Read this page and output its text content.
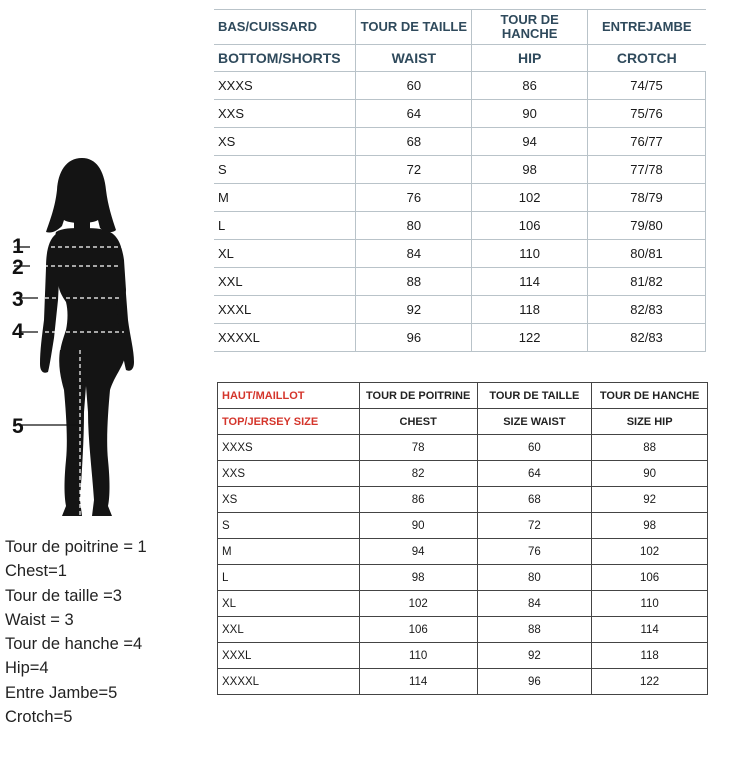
BAS/CUISSARD	TOUR DE TAILLE	TOUR DE HANCHE	ENTREJAMBE
BOTTOM/SHORTS	WAIST	HIP	CROTCH
XXXS	60	86	74/75
XXS	64	90	75/76
XS	68	94	76/77
S	72	98	77/78
M	76	102	78/79
L	80	106	79/80
XL	84	110	80/81
XXL	88	114	81/82
XXXL	92	118	82/83
XXXXL	96	122	82/83
1
2
3
4
5
Tour de poitrine = 1
Chest=1
Tour de taille =3
Waist = 3
Tour de hanche =4
Hip=4
Entre Jambe=5
Crotch=5
HAUT/MAILLOT	TOUR DE POITRINE	TOUR DE TAILLE	TOUR DE HANCHE
TOP/JERSEY SIZE	CHEST	SIZE WAIST	SIZE HIP
XXXS	78	60	88
XXS	82	64	90
XS	86	68	92
S	90	72	98
M	94	76	102
L	98	80	106
XL	102	84	110
XXL	106	88	114
XXXL	110	92	118
XXXXL	114	96	122
